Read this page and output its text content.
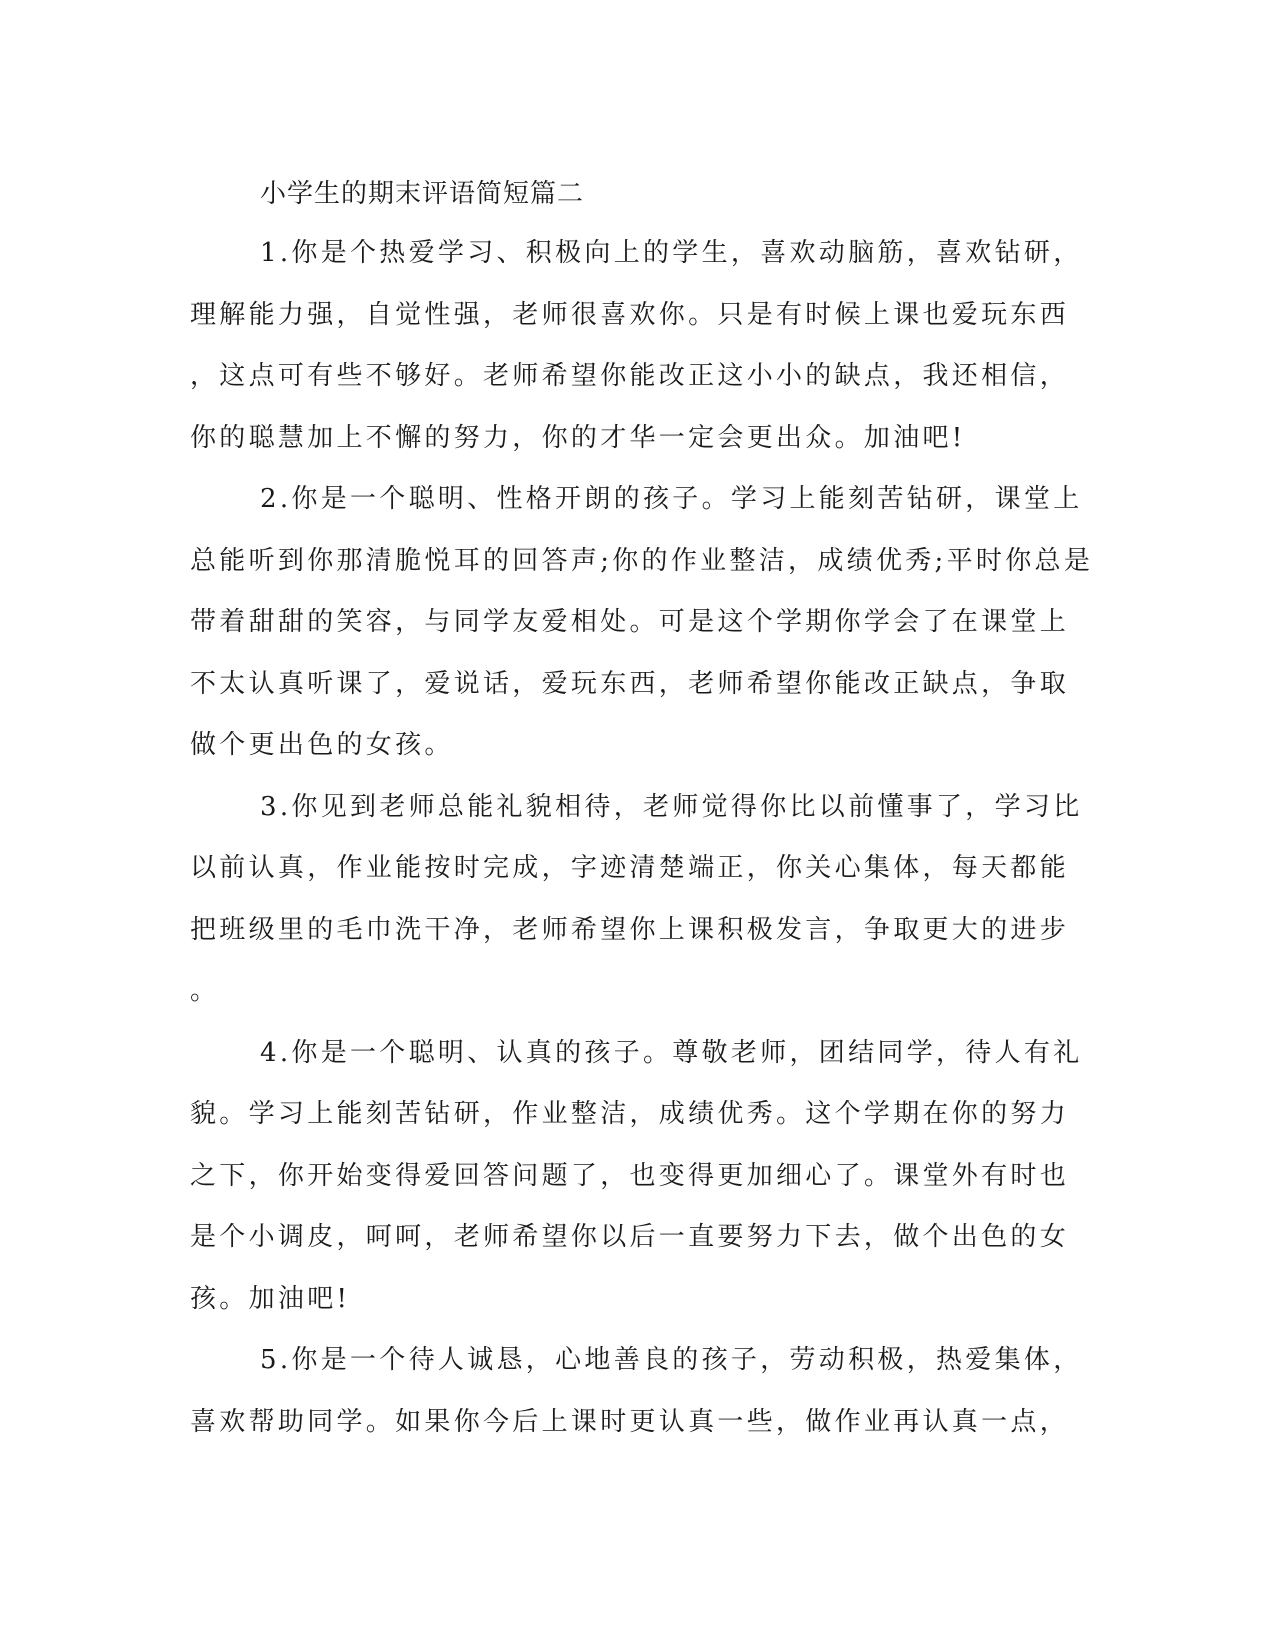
小学生的期末评语简短篇二

1.你是个热爱学习、积极向上的学生，喜欢动脑筋，喜欢钻研，
理解能力强，自觉性强，老师很喜欢你。只是有时候上课也爱玩东西
，这点可有些不够好。老师希望你能改正这小小的缺点，我还相信，
你的聪慧加上不懈的努力，你的才华一定会更出众。加油吧!

2.你是一个聪明、性格开朗的孩子。学习上能刻苦钻研，课堂上
总能听到你那清脆悦耳的回答声;你的作业整洁，成绩优秀;平时你总是
带着甜甜的笑容，与同学友爱相处。可是这个学期你学会了在课堂上
不太认真听课了，爱说话，爱玩东西，老师希望你能改正缺点，争取
做个更出色的女孩。

3.你见到老师总能礼貌相待，老师觉得你比以前懂事了，学习比
以前认真，作业能按时完成，字迹清楚端正，你关心集体，每天都能
把班级里的毛巾洗干净，老师希望你上课积极发言，争取更大的进步
。

4.你是一个聪明、认真的孩子。尊敬老师，团结同学，待人有礼
貌。学习上能刻苦钻研，作业整洁，成绩优秀。这个学期在你的努力
之下，你开始变得爱回答问题了，也变得更加细心了。课堂外有时也
是个小调皮，呵呵，老师希望你以后一直要努力下去，做个出色的女
孩。加油吧!

5.你是一个待人诚恳，心地善良的孩子，劳动积极，热爱集体，
喜欢帮助同学。如果你今后上课时更认真一些，做作业再认真一点，
